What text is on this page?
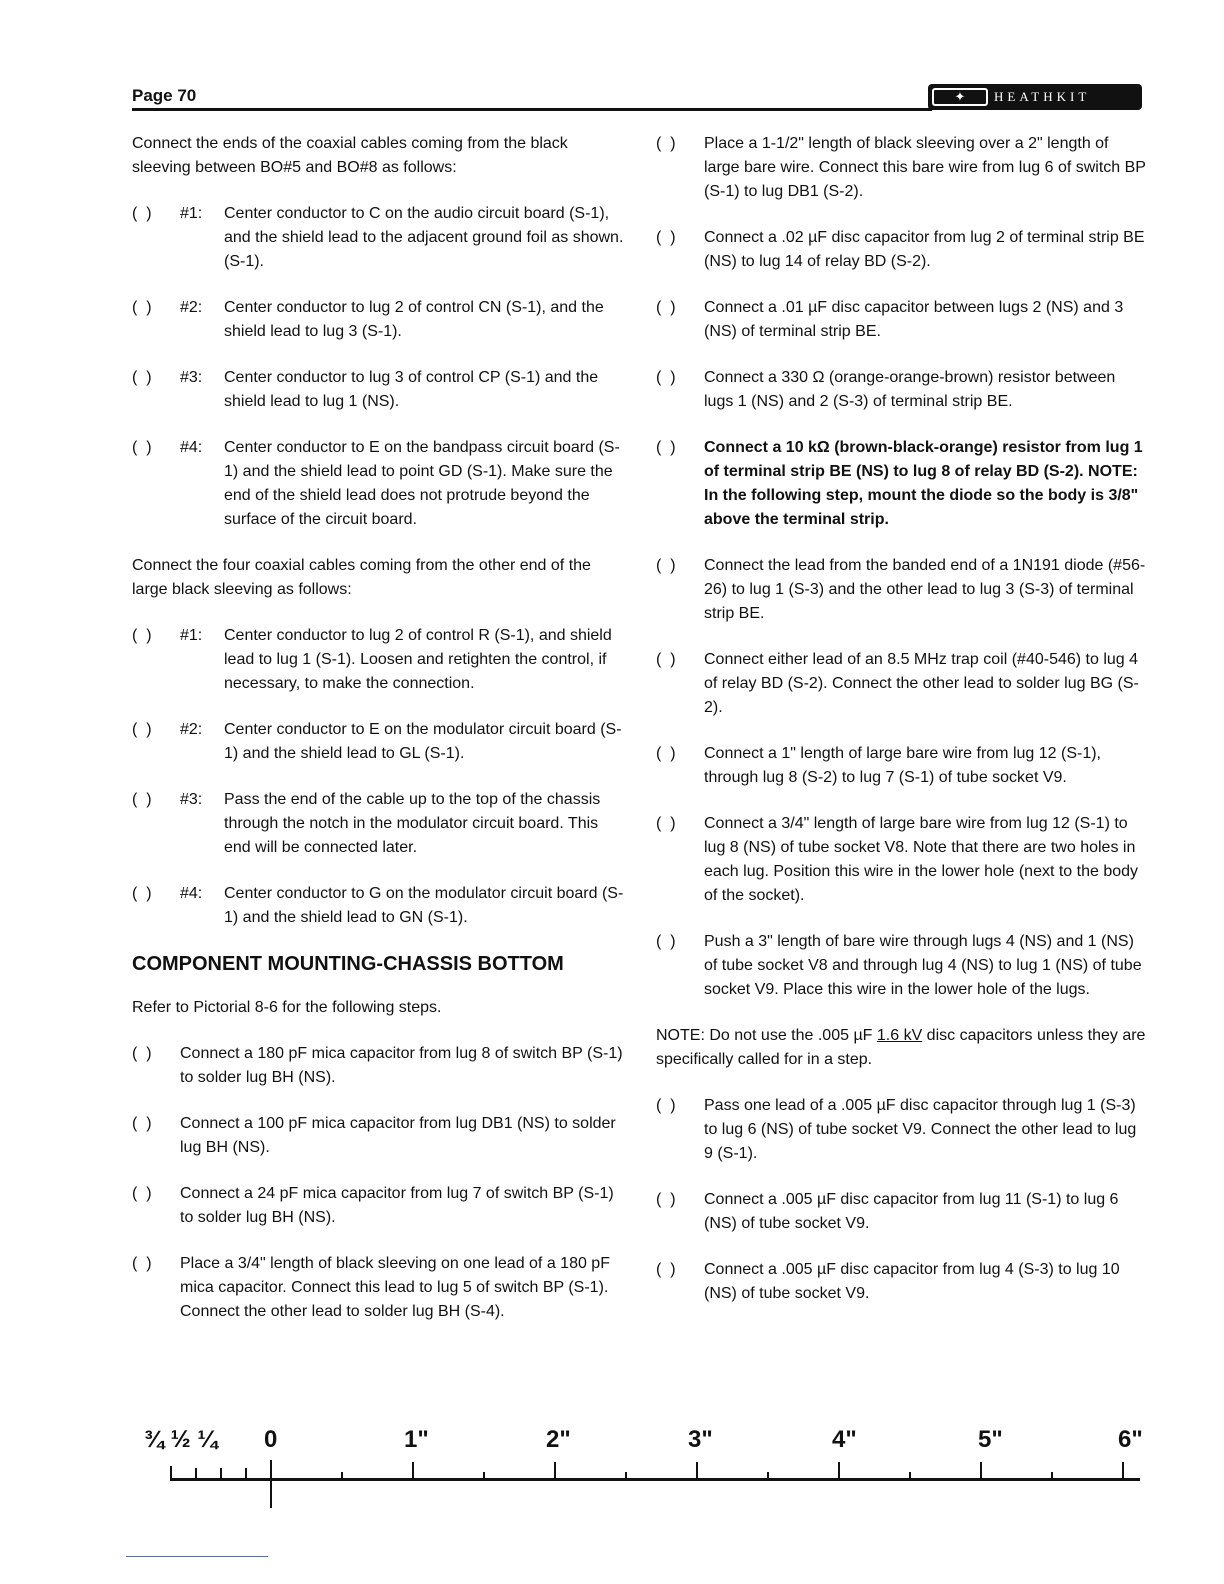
Page 70	✦	HEATHKIT

Connect the ends of the coaxial cables coming from the black sleeving between BO#5 and BO#8 as follows:

(  )	#1:	Center conductor to C on the audio circuit board (S-1), and the shield lead to the adjacent ground foil as shown. (S-1).
(  )	#2:	Center conductor to lug 2 of control CN (S-1), and the shield lead to lug 3 (S-1).
(  )	#3:	Center conductor to lug 3 of control CP (S-1) and the shield lead to lug 1 (NS).
(  )	#4:	Center conductor to E on the bandpass circuit board (S-1) and the shield lead to point GD (S-1). Make sure the end of the shield lead does not protrude beyond the surface of the circuit board.

Connect the four coaxial cables coming from the other end of the large black sleeving as follows:

(  )	#1:	Center conductor to lug 2 of control R (S-1), and shield lead to lug 1 (S-1). Loosen and retighten the control, if necessary, to make the connection.
(  )	#2:	Center conductor to E on the modulator circuit board (S-1) and the shield lead to GL (S-1).
(  )	#3:	Pass the end of the cable up to the top of the chassis through the notch in the modulator circuit board. This end will be connected later.
(  )	#4:	Center conductor to G on the modulator circuit board (S-1) and the shield lead to GN (S-1).
COMPONENT MOUNTING-CHASSIS BOTTOM

Refer to Pictorial 8-6 for the following steps.

(  )	Connect a 180 pF mica capacitor from lug 8 of switch BP (S-1) to solder lug BH (NS).
(  )	Connect a 100 pF mica capacitor from lug DB1 (NS) to solder lug BH (NS).
(  )	Connect a 24 pF mica capacitor from lug 7 of switch BP (S-1) to solder lug BH (NS).
(  )	Place a 3/4" length of black sleeving on one lead of a 180 pF mica capacitor. Connect this lead to lug 5 of switch BP (S-1). Connect the other lead to solder lug BH (S-4).
(  )	Place a 1-1/2" length of black sleeving over a 2" length of large bare wire. Connect this bare wire from lug 6 of switch BP (S-1) to lug DB1 (S-2).
(  )	Connect a .02 µF disc capacitor from lug 2 of terminal strip BE (NS) to lug 14 of relay BD (S-2).
(  )	Connect a .01 µF disc capacitor between lugs 2 (NS) and 3 (NS) of terminal strip BE.
(  )	Connect a 330 Ω (orange-orange-brown) resistor between lugs 1 (NS) and 2 (S-3) of terminal strip BE.
(  )	Connect a 10 kΩ (brown-black-orange) resistor from lug 1 of terminal strip BE (NS) to lug 8 of relay BD (S-2). NOTE: In the following step, mount the diode so the body is 3/8" above the terminal strip.
(  )	Connect the lead from the banded end of a 1N191 diode (#56-26) to lug 1 (S-3) and the other lead to lug 3 (S-3) of terminal strip BE.
(  )	Connect either lead of an 8.5 MHz trap coil (#40-546) to lug 4 of relay BD (S-2). Connect the other lead to solder lug BG (S-2).
(  )	Connect a 1" length of large bare wire from lug 12 (S-1), through lug 8 (S-2) to lug 7 (S-1) of tube socket V9.
(  )	Connect a 3/4" length of large bare wire from lug 12 (S-1) to lug 8 (NS) of tube socket V8. Note that there are two holes in each lug. Position this wire in the lower hole (next to the body of the socket).
(  )	Push a 3" length of bare wire through lugs 4 (NS) and 1 (NS) of tube socket V8 and through lug 4 (NS) to lug 1 (NS) of tube socket V9. Place this wire in the lower hole of the lugs.

NOTE: Do not use the .005 µF 1.6 kV disc capacitors unless they are specifically called for in a step.

(  )	Pass one lead of a .005 µF disc capacitor through lug 1 (S-3) to lug 6 (NS) of tube socket V9. Connect the other lead to lug 9 (S-1).
(  )	Connect a .005 µF disc capacitor from lug 11 (S-1) to lug 6 (NS) of tube socket V9.
(  )	Connect a .005 µF disc capacitor from lug 4 (S-3) to lug 10 (NS) of tube socket V9.
¾ ½ ¼ 0	1"	2"	3"	4"	5"	6"
